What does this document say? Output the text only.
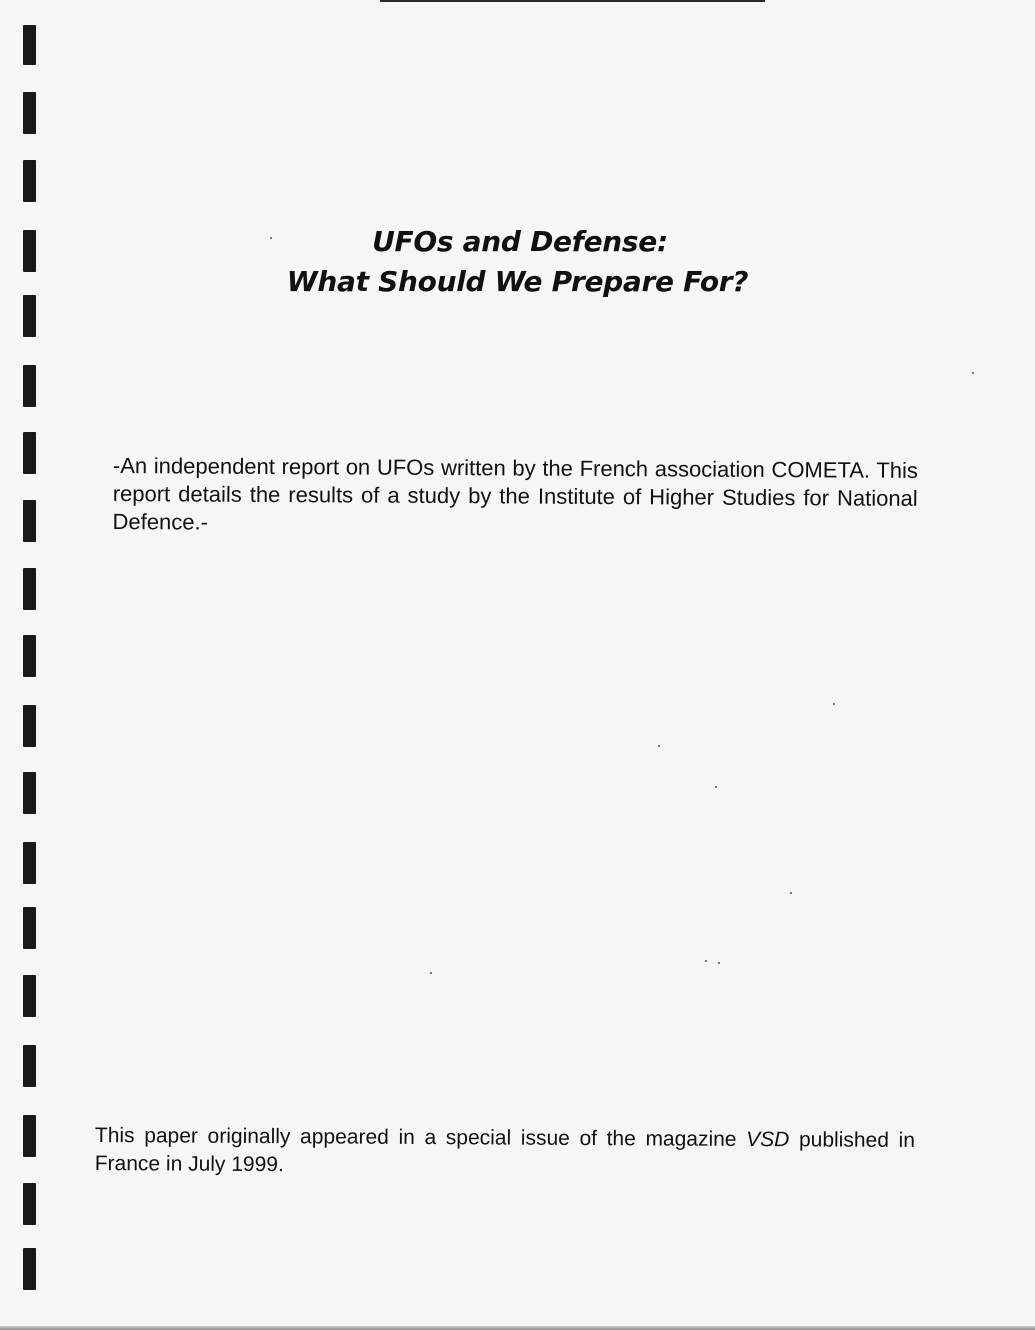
UFOs and Defense:
What Should We Prepare For?
-An independent report on UFOs written by the French association COMETA. This report details the results of a study by the Institute of Higher Studies for National Defence.-
This paper originally appeared in a special issue of the magazine VSD published in France in July 1999.
